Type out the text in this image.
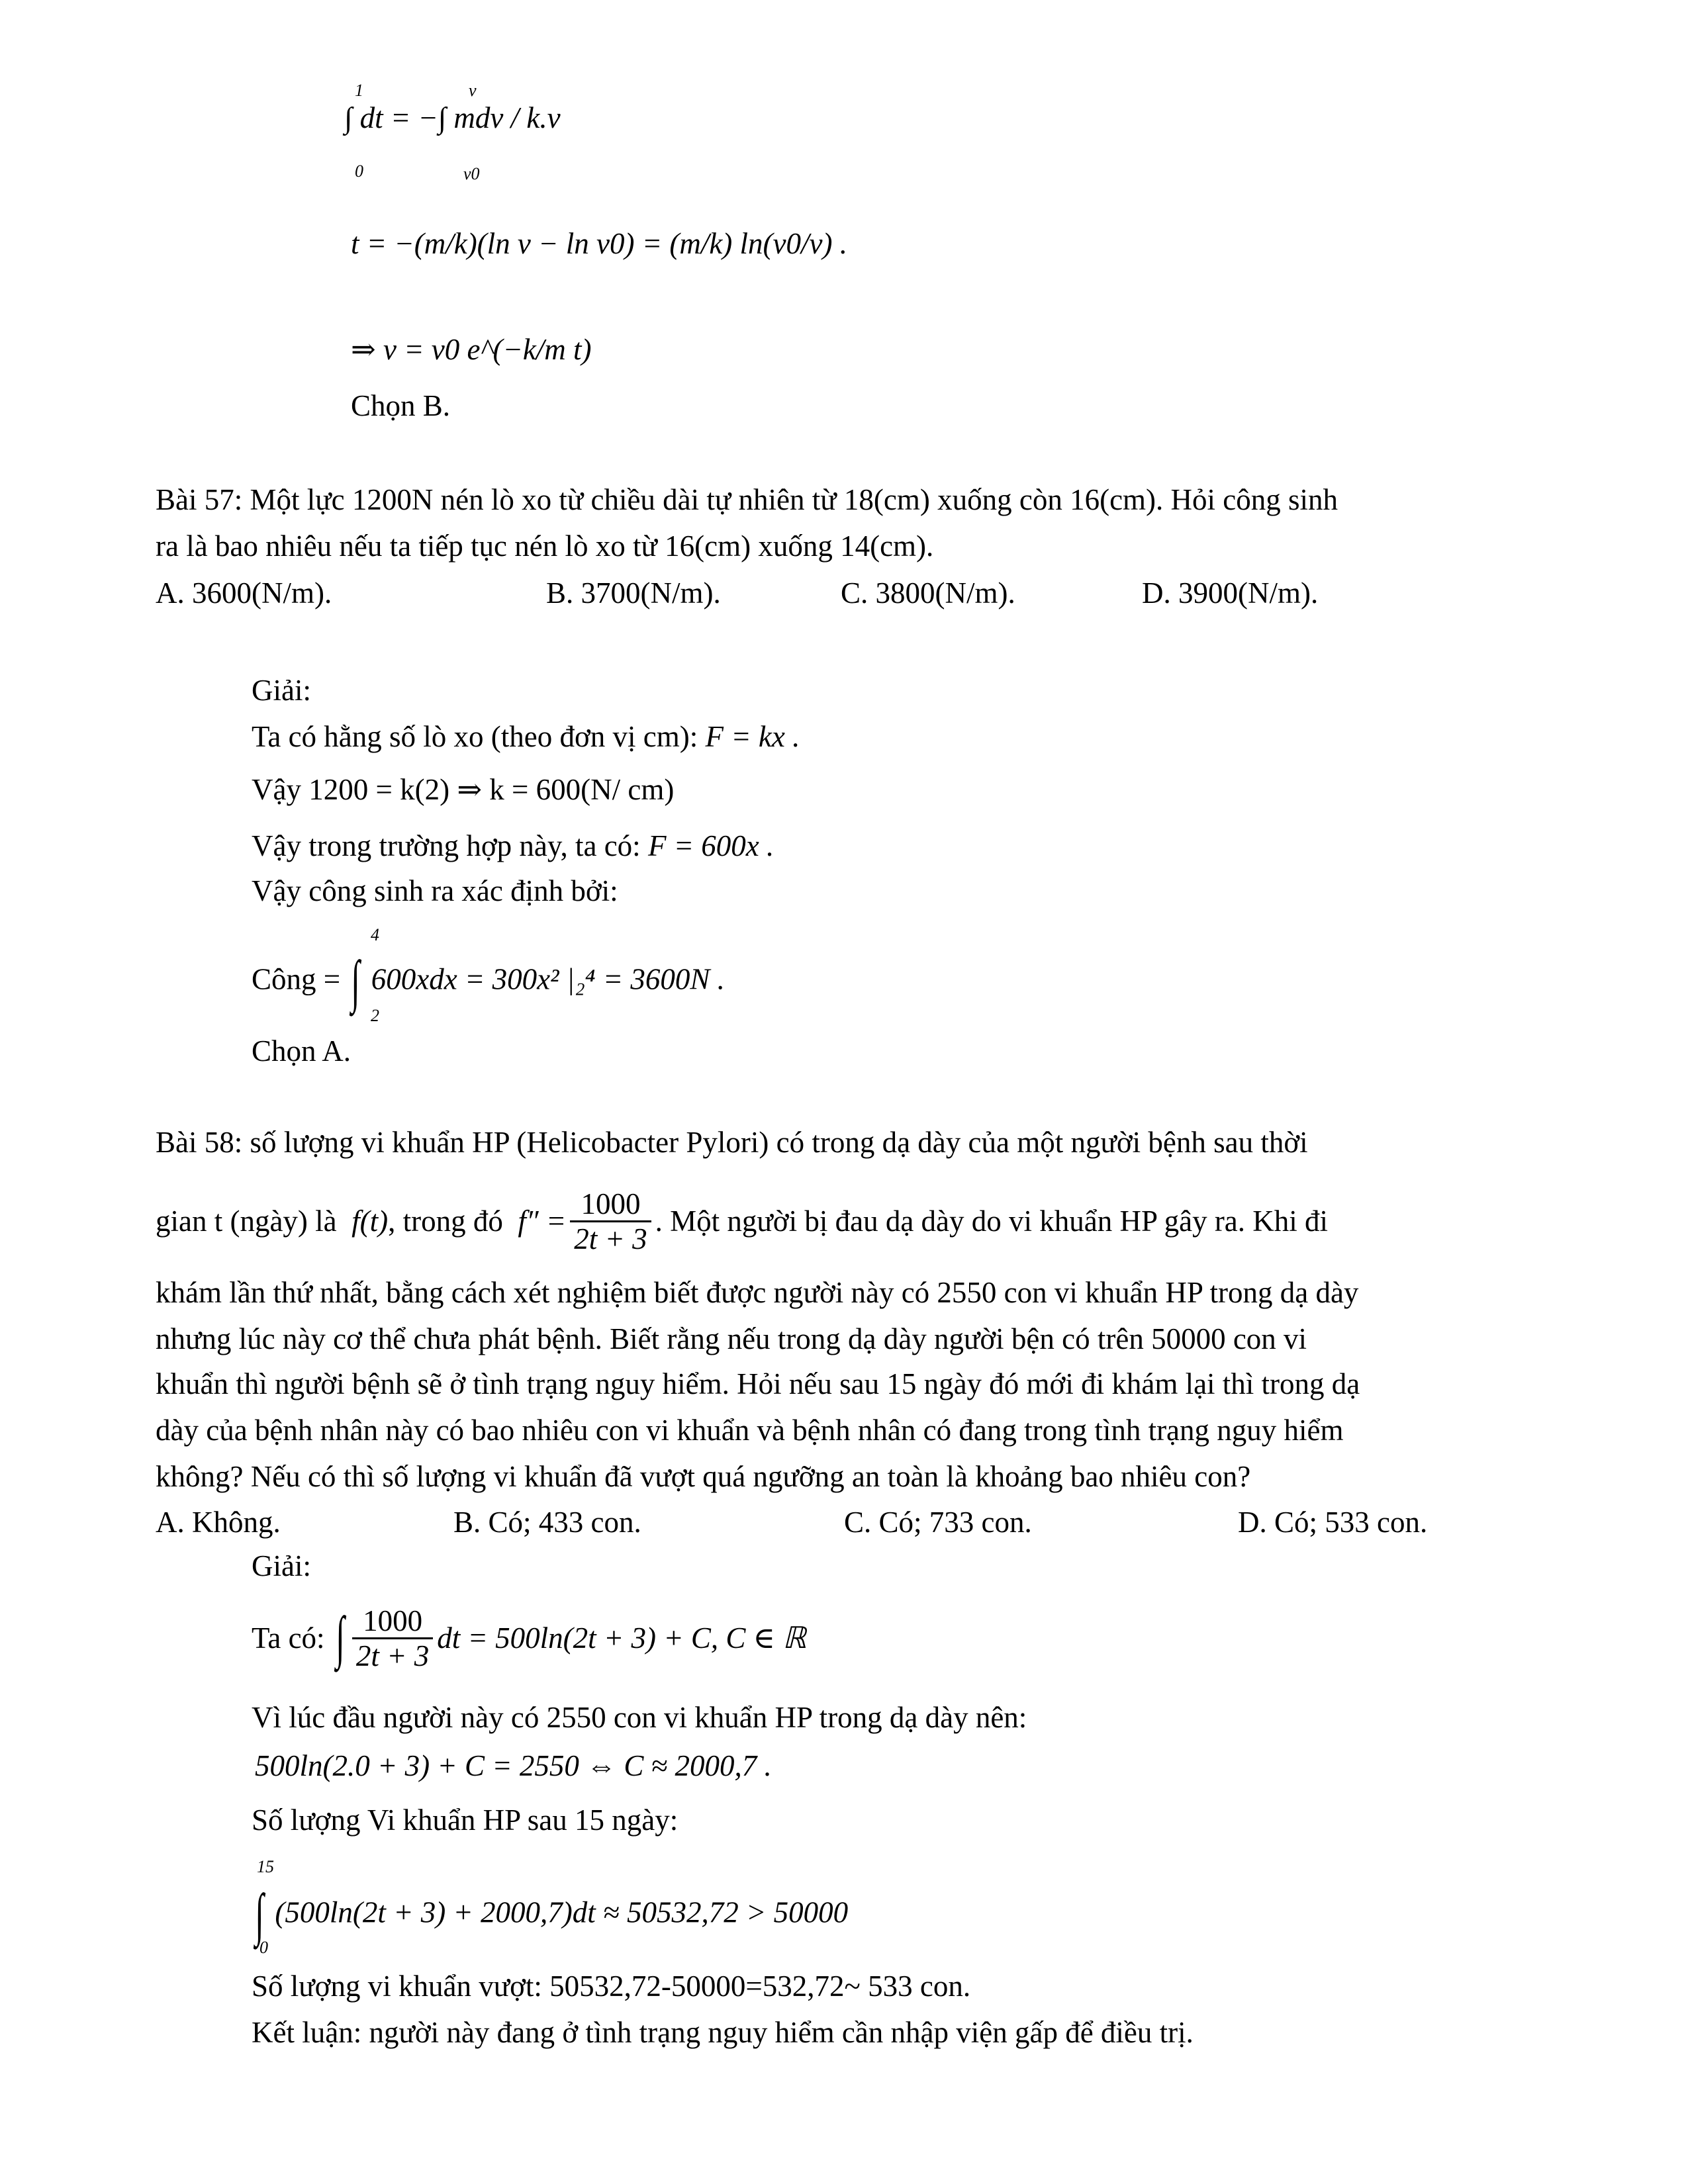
1
0
v
v0
∫ dt = −∫ mdv / k.v
t = −(m/k)(ln v − ln v0) = (m/k) ln(v0/v) .
⇒ v = v0 e^(−k/m t)
Chọn B.
Bài 57: Một lực 1200N nén lò xo từ chiều dài tự nhiên từ 18(cm) xuống còn 16(cm). Hỏi công sinh
ra là bao nhiêu nếu ta tiếp tục nén lò xo từ 16(cm) xuống 14(cm).
A. 3600(N/m).	B. 3700(N/m).	C. 3800(N/m).	D. 3900(N/m).
Giải:
Ta có hằng số lò xo (theo đơn vị cm): F = kx .
Vậy 1200 = k(2) ⇒ k = 600(N/ cm)
Vậy trong trường hợp này, ta có: F = 600x .
Vậy công sinh ra xác định bởi:
4
2
Công = ∫ 600xdx = 300x² |₂⁴ = 3600N .
Chọn A.
Bài 58: số lượng vi khuẩn HP (Helicobacter Pylori) có trong dạ dày của một người bệnh sau thời
gian t (ngày) là
f(t) , trong đó
$f'' = \frac{1000}{2t + 3}$ . Một người bị đau dạ dày do vi khuẩn HP gây ra. Khi đi
khám lần thứ nhất, bằng cách xét nghiệm biết được người này có 2550 con vi khuẩn HP trong dạ dày
nhưng lúc này cơ thể chưa phát bệnh. Biết rằng nếu trong dạ dày người bện có trên 50000 con vi
khuẩn thì người bệnh sẽ ở tình trạng nguy hiểm. Hỏi nếu sau 15 ngày đó mới đi khám lại thì trong dạ
dày của bệnh nhân này có bao nhiêu con vi khuẩn và bệnh nhân có đang trong tình trạng nguy hiểm
không? Nếu có thì số lượng vi khuẩn đã vượt quá ngưỡng an toàn là khoảng bao nhiêu con?
A. Không.	B. Có; 433 con.	C. Có; 733 con.	D. Có; 533 con.
Giải:
Ta có:
∫ $\frac{1000}{2t + 3}$ dt = 500ln(2t + 3) + C, C ∈ ℝ
Vì lúc đầu người này có 2550 con vi khuẩn HP trong dạ dày nên:
500ln(2.0 + 3) + C = 2550 ⇔ C ≈ 2000,7 .
Số lượng Vi khuẩn HP sau 15 ngày:
15
0
∫ (500ln(2t + 3) + 2000,7)dt ≈ 50532,72 > 50000
Số lượng vi khuẩn vượt: 50532,72-50000=532,72~ 533 con.
Kết luận: người này đang ở tình trạng nguy hiểm cần nhập viện gấp để điều trị.
